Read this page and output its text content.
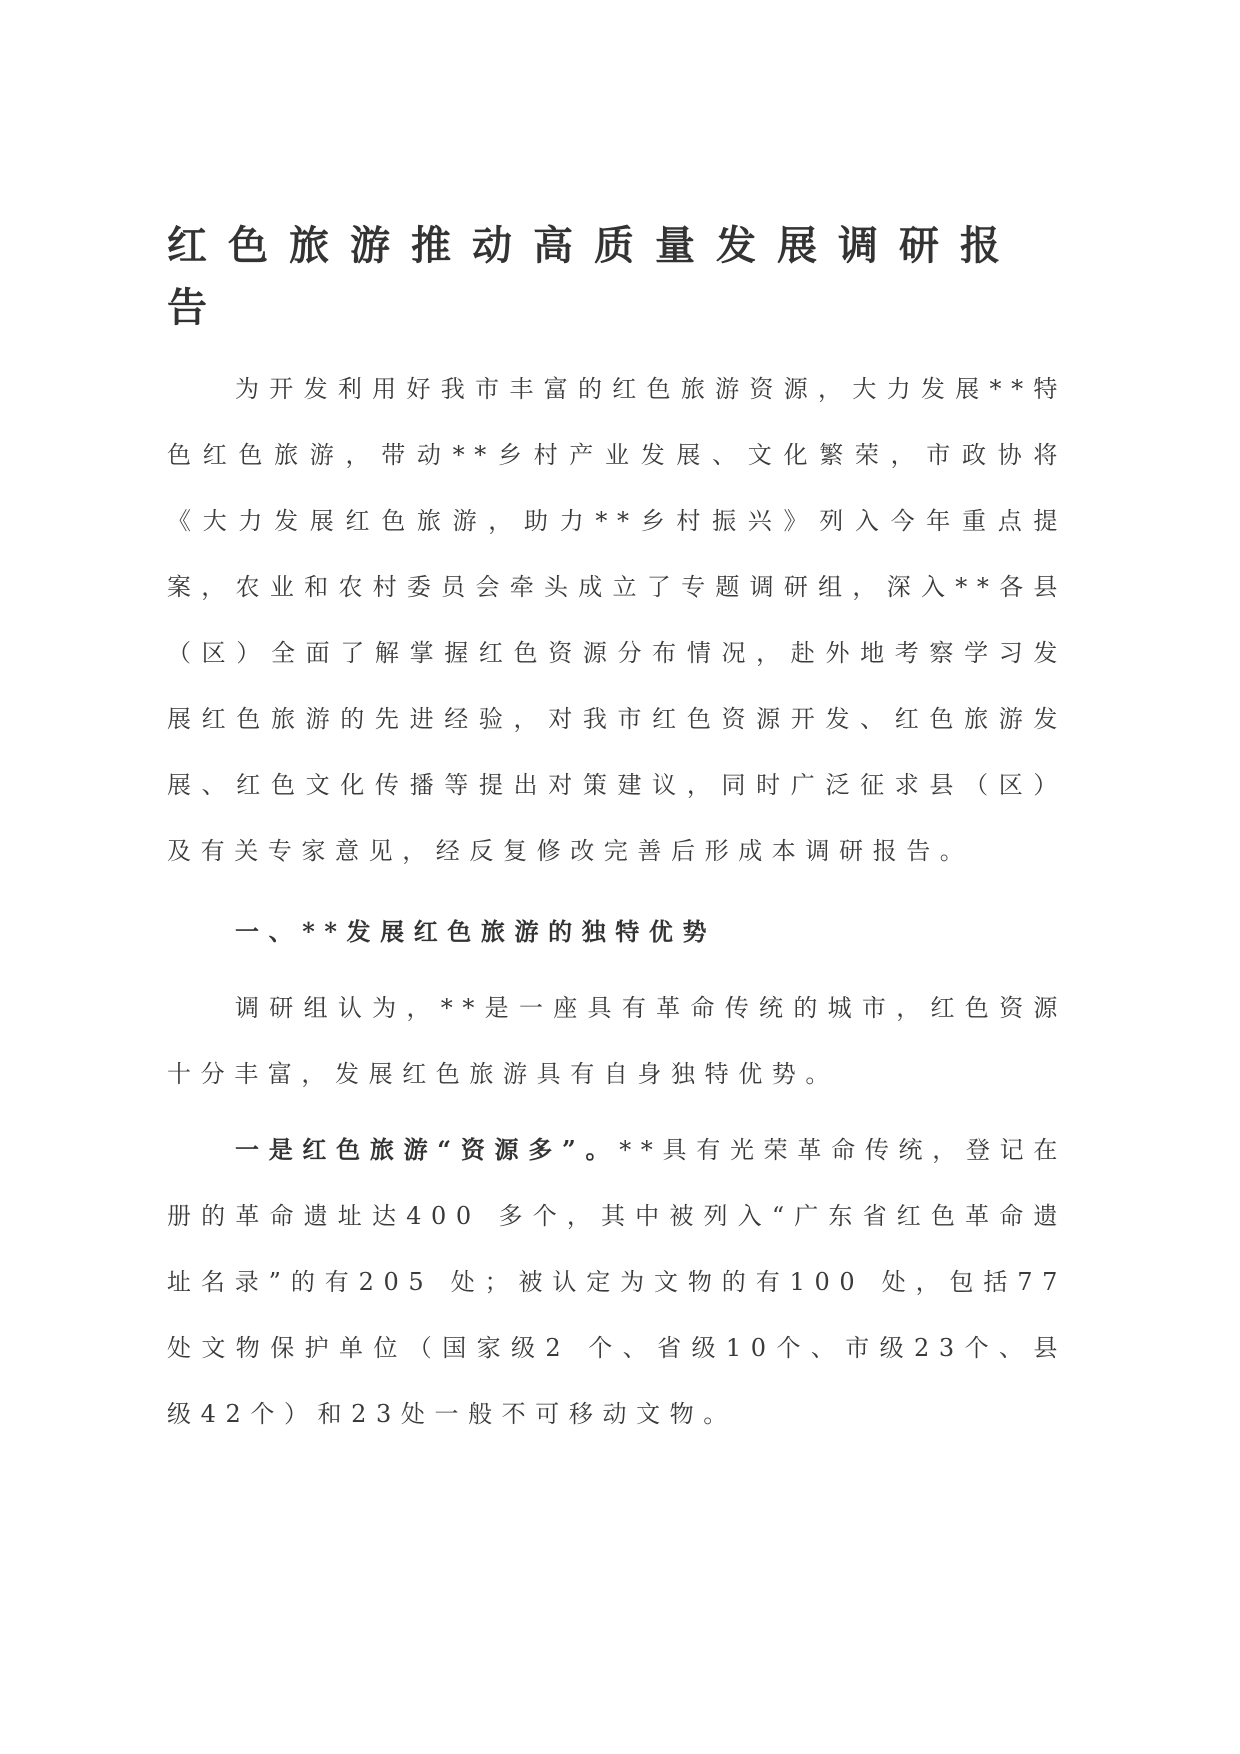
红色旅游推动高质量发展调研报告

为开发利用好我市丰富的红色旅游资源，大力发展**特色红色旅游，带动**乡村产业发展、文化繁荣，市政协将《大力发展红色旅游，助力**乡村振兴》列入今年重点提案，农业和农村委员会牵头成立了专题调研组，深入**各县（区）全面了解掌握红色资源分布情况，赴外地考察学习发展红色旅游的先进经验，对我市红色资源开发、红色旅游发展、红色文化传播等提出对策建议，同时广泛征求县（区）及有关专家意见，经反复修改完善后形成本调研报告。

一、**发展红色旅游的独特优势

调研组认为，**是一座具有革命传统的城市，红色资源十分丰富，发展红色旅游具有自身独特优势。

一是红色旅游“资源多”。**具有光荣革命传统，登记在册的革命遗址达400 多个，其中被列入“广东省红色革命遗址名录”的有205 处；被认定为文物的有100 处，包括77 处文物保护单位（国家级2 个、省级10个、市级23个、县级42个）和23处一般不可移动文物。
